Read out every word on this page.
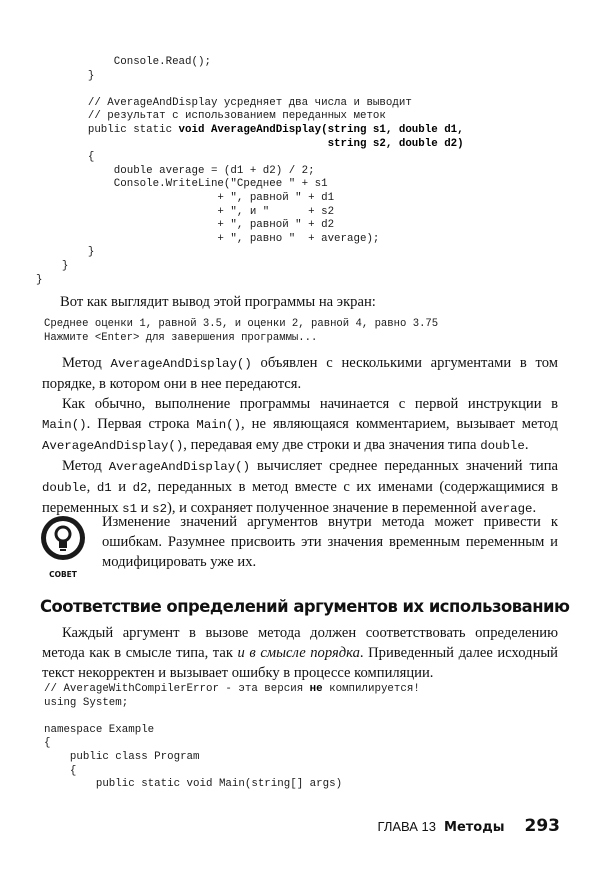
Console.Read();
}

// AverageAndDisplay усредняет два числа и выводит
// результат с использованием переданных меток
public static void AverageAndDisplay(string s1, double d1,
string s2, double d2)
{
double average = (d1 + d2) / 2;
Console.WriteLine("Среднее " + s1
+ ", равной " + d1
+ ", и "      + s2
+ ", равной " + d2
+ ", равно "  + average);
}
}
}
Вот как выглядит вывод этой программы на экран:
Среднее оценки 1, равной 3.5, и оценки 2, равной 4, равно 3.75
Нажмите <Enter> для завершения программы...

Метод AverageAndDisplay() объявлен с несколькими аргументами в том порядке, в котором они в нее передаются.

Как обычно, выполнение программы начинается с первой инструкции в Main(). Первая строка Main(), не являющаяся комментарием, вызывает метод AverageAndDisplay(), передавая ему две строки и два значения типа double.

Метод AverageAndDisplay() вычисляет среднее переданных значений типа double, d1 и d2, переданных в метод вместе с их именами (содержащимися в переменных s1 и s2), и сохраняет полученное значение в переменной average.

СОВЕТ
Изменение значений аргументов внутри метода может привести к ошибкам. Разумнее присвоить эти значения временным переменным и модифицировать уже их.
Соответствие определений аргументов их использованию

Каждый аргумент в вызове метода должен соответствовать определению метода как в смысле типа, так и в смысле порядка. Приведенный далее исходный текст некорректен и вызывает ошибку в процессе компиляции.

// AverageWithCompilerError - эта версия не компилируется!
using System;

namespace Example
{
public class Program
{
public static void Main(string[] args)
ГЛАВА 13 Методы 293
